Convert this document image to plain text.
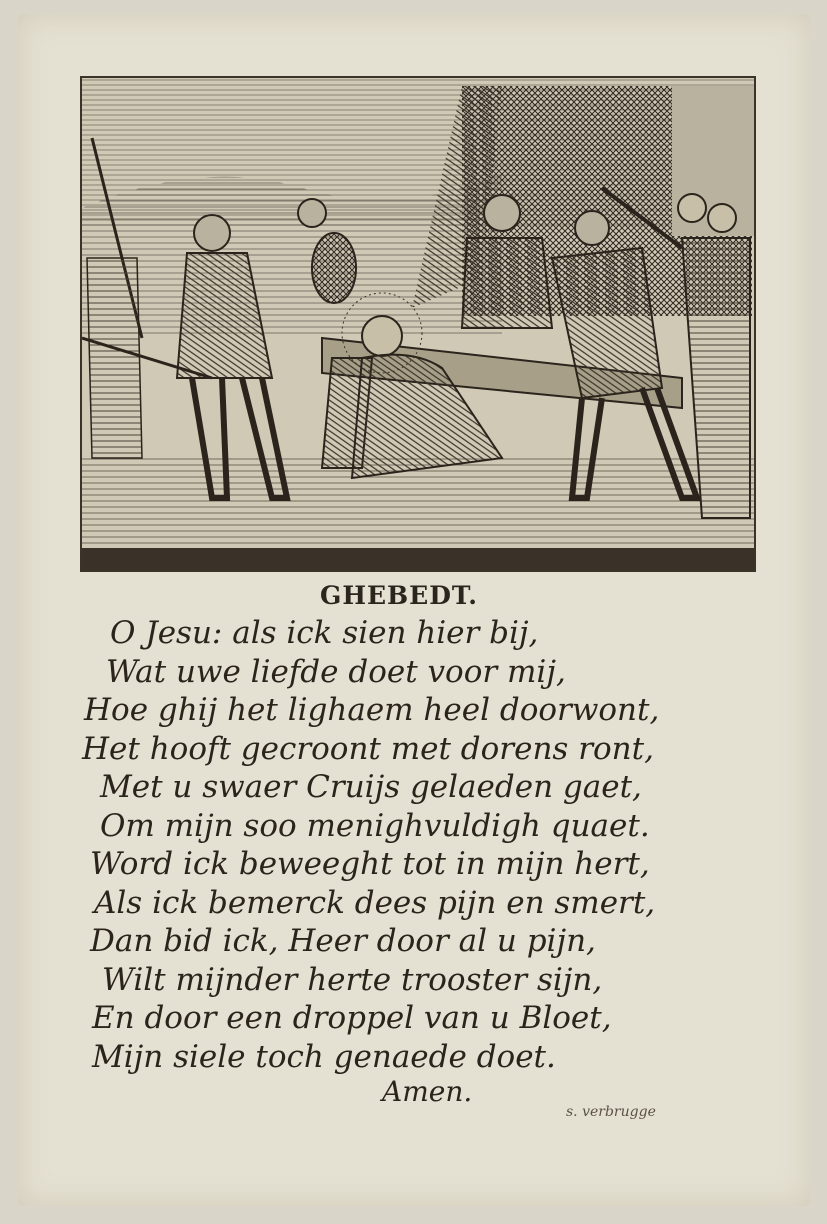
GHEBEDT.
O Jesu: als ick sien hier bij,
Wat uwe liefde doet voor mij,
Hoe ghij het lighaem heel doorwont,
Het hooft gecroont met dorens ront,
Met u swaer Cruijs gelaeden gaet,
Om mijn soo menighvuldigh quaet.
Word ick beweeght tot in mijn hert,
Als ick bemerck dees pijn en smert,
Dan bid ick, Heer door al u pijn,
Wilt mijnder herte trooster sijn,
En door een droppel van u Bloet,
Mijn siele toch genaede doet.
Amen.
s. verbrugge
